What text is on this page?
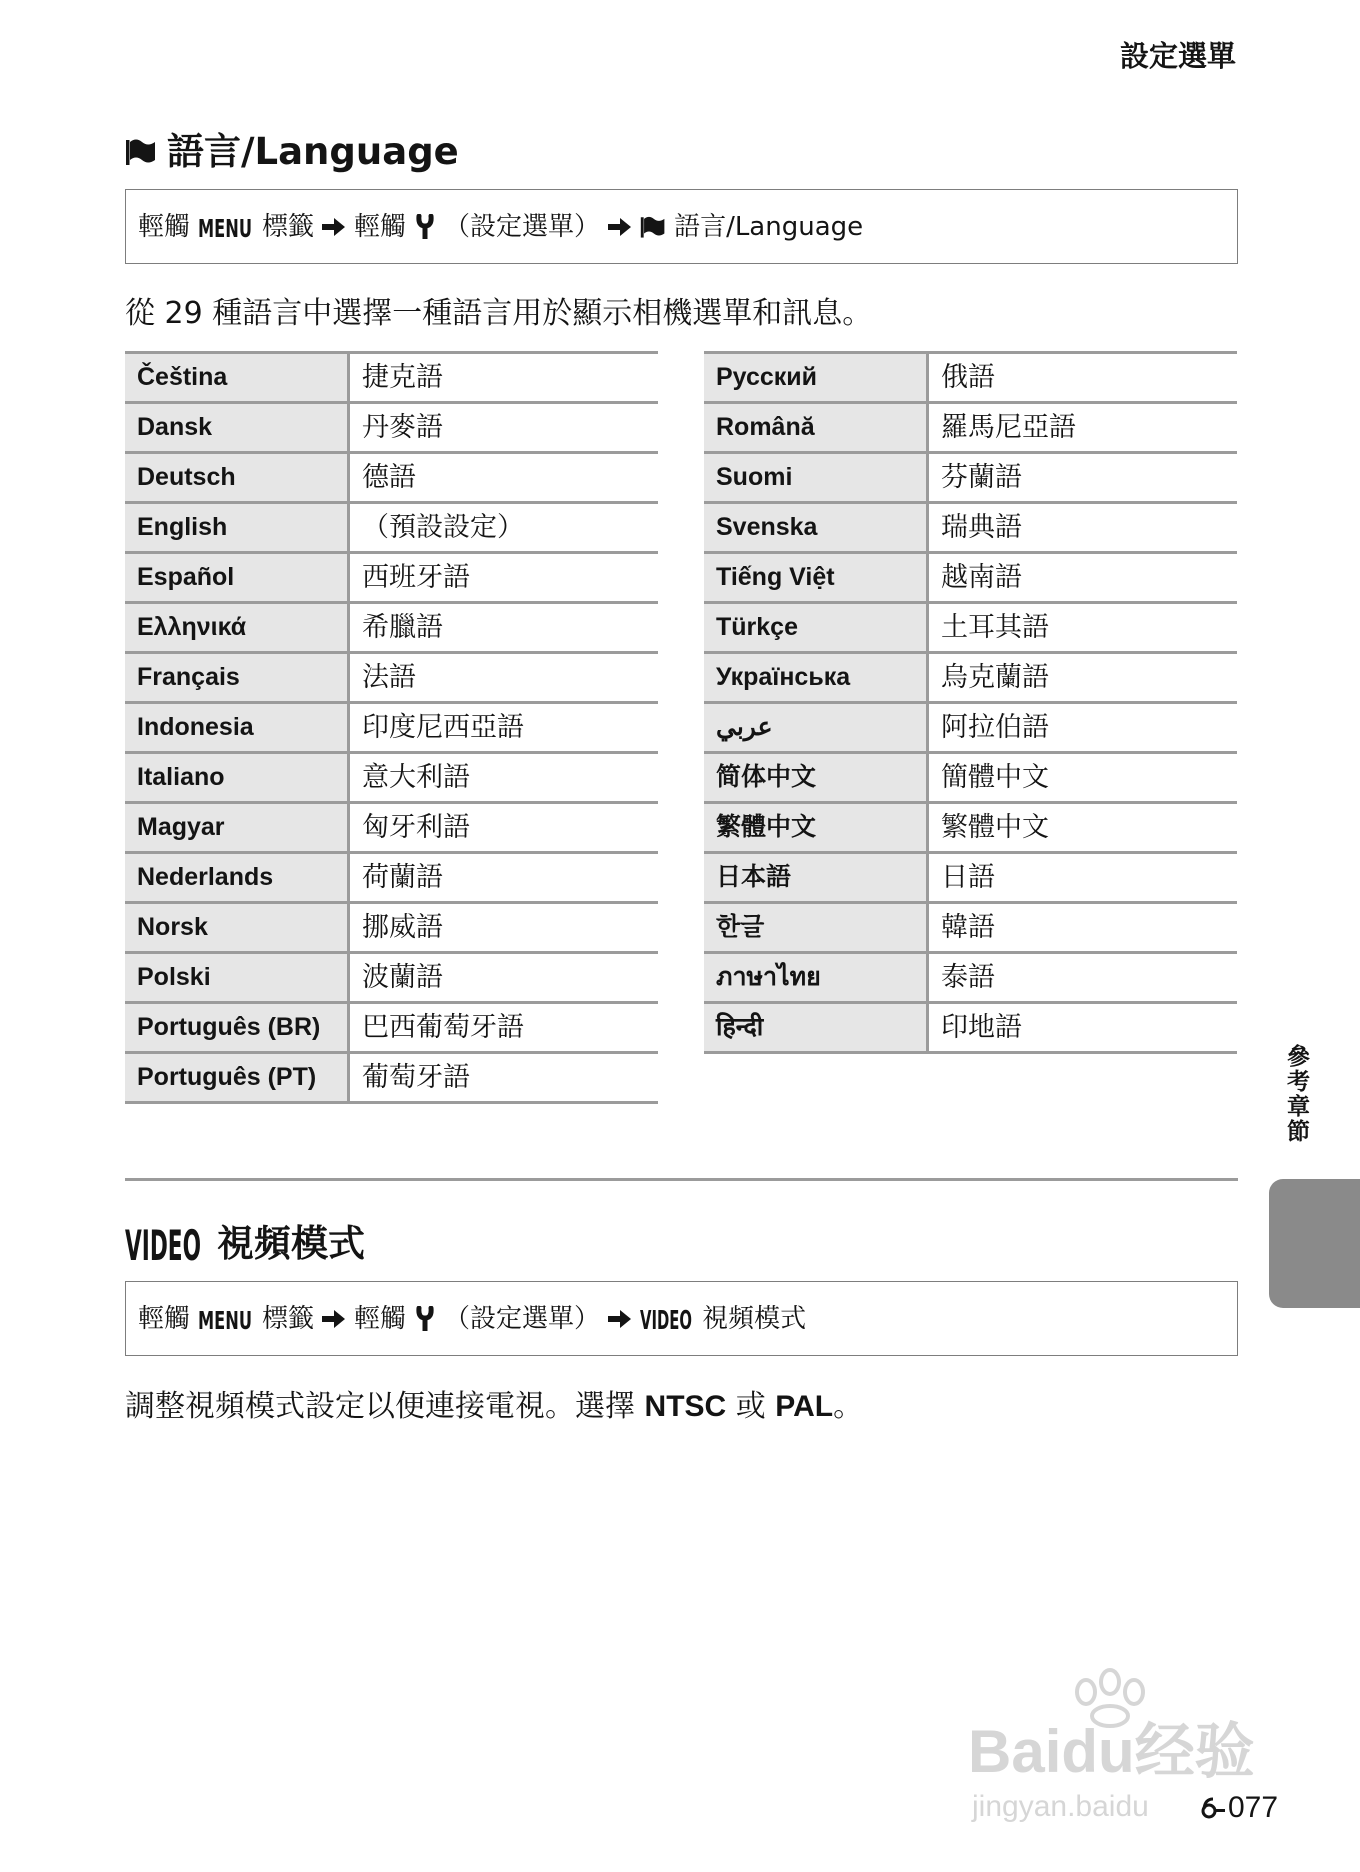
設定選單
語言/Language
輕觸 MENU 標籤 輕觸 （設定選單）	語言/Language
從 29 種語言中選擇一種語言用於顯示相機選單和訊息。
Čeština	捷克語
Dansk	丹麥語
Deutsch	德語
English	（預設設定）
Español	西班牙語
Ελληνικά	希臘語
Français	法語
Indonesia	印度尼西亞語
Italiano	意大利語
Magyar	匈牙利語
Nederlands	荷蘭語
Norsk	挪威語
Polski	波蘭語
Português (BR)	巴西葡萄牙語
Português (PT)	葡萄牙語
Русский	俄語
Română	羅馬尼亞語
Suomi	芬蘭語
Svenska	瑞典語
Tiếng Việt	越南語
Türkçe	土耳其語
Українська	烏克蘭語
عربي	阿拉伯語
简体中文	簡體中文
繁體中文	繁體中文
日本語	日語
한글	韓語
ภาษาไทย	泰語
हिन्दी	印地語
VIDEO 視頻模式
輕觸 MENU 標籤 輕觸 （設定選單） VIDEO 視頻模式
調整視頻模式設定以便連接電視。選擇 NTSC 或 PAL。
參考章節
Baidu经验
jingyan.baidu	077
